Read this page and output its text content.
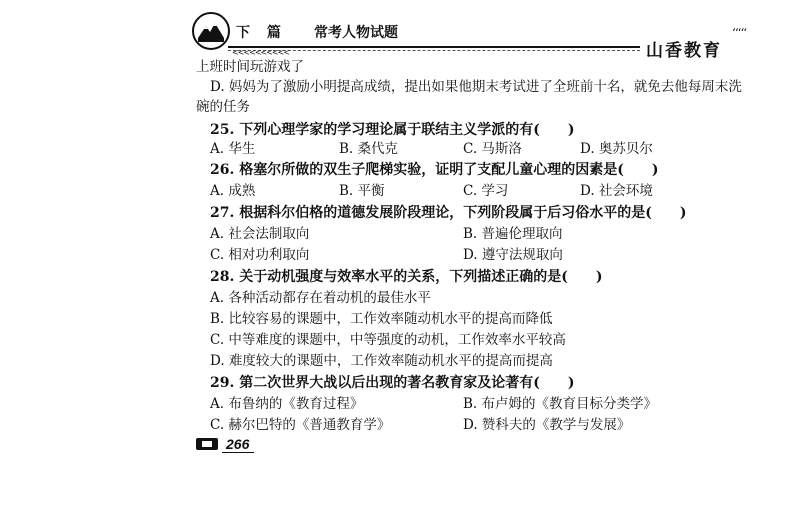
下 篇 常考人物试题
<<<<<<<<<<	山香教育
‘‘‘‘‘
上班时间玩游戏了
D. 妈妈为了激励小明提高成绩，提出如果他期末考试进了全班前十名，就免去他每周末洗
碗的任务
25. 下列心理学家的学习理论属于联结主义学派的有(　　)
A. 华生	B. 桑代克	C. 马斯洛	D. 奥苏贝尔
26. 格塞尔所做的双生子爬梯实验，证明了支配儿童心理的因素是(　　)
A. 成熟	B. 平衡	C. 学习	D. 社会环境
27. 根据科尔伯格的道德发展阶段理论，下列阶段属于后习俗水平的是(　　)
A. 社会法制取向	B. 普遍伦理取向
C. 相对功利取向	D. 遵守法规取向
28. 关于动机强度与效率水平的关系，下列描述正确的是(　　)
A. 各种活动都存在着动机的最佳水平
B. 比较容易的课题中，工作效率随动机水平的提高而降低
C. 中等难度的课题中，中等强度的动机，工作效率水平较高
D. 难度较大的课题中，工作效率随动机水平的提高而提高
29. 第二次世界大战以后出现的著名教育家及论著有(　　)
A. 布鲁纳的《教育过程》	B. 布卢姆的《教育目标分类学》
C. 赫尔巴特的《普通教育学》	D. 赞科夫的《教学与发展》
266
